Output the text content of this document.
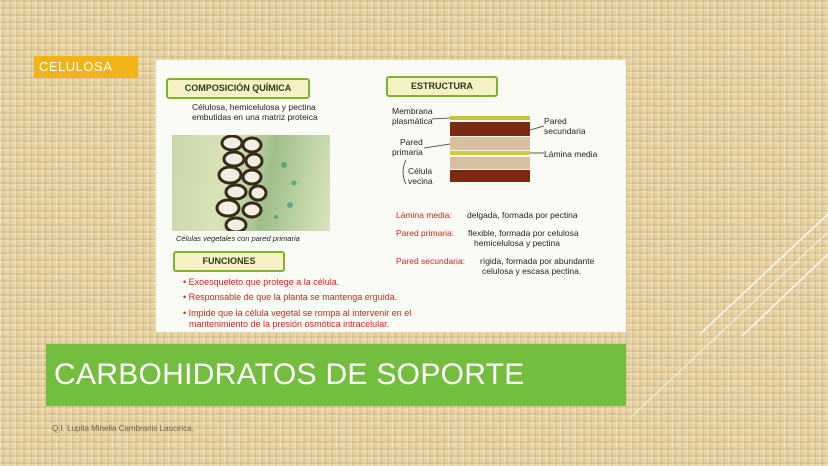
CELULOSA
COMPOSICIÓN QUÍMICA
Célulosa, hemicelulosa y pectina
embutidas en una matriz proteica
Células vegetales con pared primaria
ESTRUCTURA
Membrana
plasmática
Pared
primaria
Célula
vecina
Pared
secundaria
Lámina media
Lámina media: delgada, formada por pectina
Pared primaria: flexible, formada por celulosa
hemicelulosa y pectina
Pared secundaria: rígida, formada por abundante
celulosa y escasa pectina.
FUNCIONES
• Exoesqueleto que protege a la célula.
• Responsable de que la planta se mantenga erguida.
• Impide que la célula vegetal se rompa al intervenir en el
mantenimiento de la presión osmótica intracelular.
CARBOHIDRATOS DE SOPORTE
Q.I. Lupita Minelia Cambranis Laucirica.
